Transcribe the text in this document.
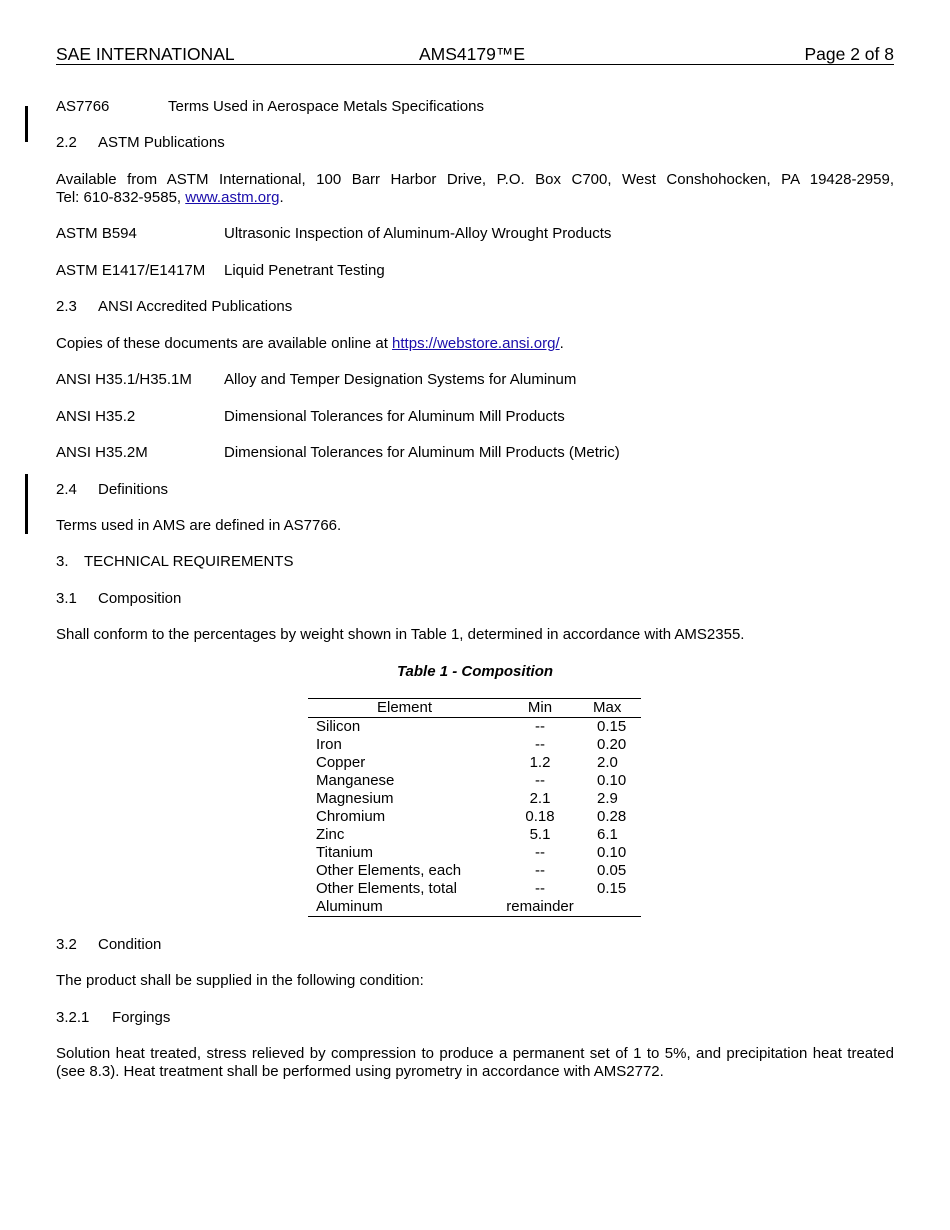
SAE INTERNATIONAL	AMS4179™E	Page 2 of 8
AS7766	Terms Used in Aerospace Metals Specifications
2.2 ASTM Publications
Available from ASTM International, 100 Barr Harbor Drive, P.O. Box C700, West Conshohocken, PA 19428-2959,
Tel: 610-832-9585, www.astm.org.
ASTM B594	Ultrasonic Inspection of Aluminum-Alloy Wrought Products
ASTM E1417/E1417M Liquid Penetrant Testing
2.3 ANSI Accredited Publications
Copies of these documents are available online at https://webstore.ansi.org/.
ANSI H35.1/H35.1M Alloy and Temper Designation Systems for Aluminum
ANSI H35.2	Dimensional Tolerances for Aluminum Mill Products
ANSI H35.2M	Dimensional Tolerances for Aluminum Mill Products (Metric)
2.4 Definitions
Terms used in AMS are defined in AS7766.
3. TECHNICAL REQUIREMENTS
3.1 Composition
Shall conform to the percentages by weight shown in Table 1, determined in accordance with AMS2355.
Table 1 - Composition
Element	Min	Max
Silicon	--	0.15
Iron	--	0.20
Copper	1.2	2.0
Manganese	--	0.10
Magnesium	2.1	2.9
Chromium	0.18	0.28
Zinc	5.1	6.1
Titanium	--	0.10
Other Elements, each	--	0.05
Other Elements, total	--	0.15
Aluminum	remainder	
3.2 Condition
The product shall be supplied in the following condition:
3.2.1 Forgings
Solution heat treated, stress relieved by compression to produce a permanent set of 1 to 5%, and precipitation heat treated
(see 8.3). Heat treatment shall be performed using pyrometry in accordance with AMS2772.
